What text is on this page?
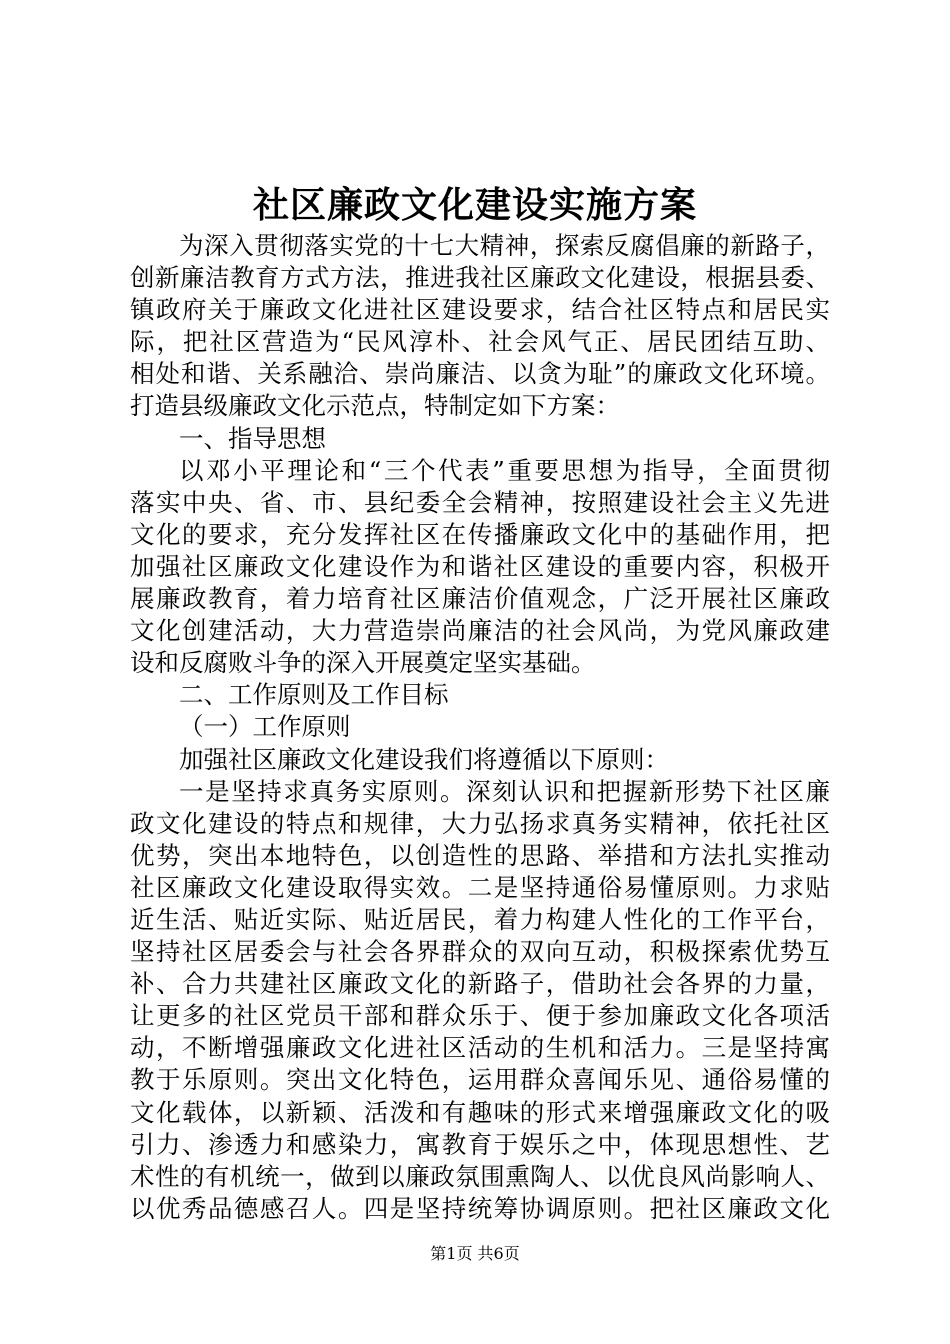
社区廉政文化建设实施方案
为深入贯彻落实党的十七大精神，探索反腐倡廉的新路子，
创新廉洁教育方式方法，推进我社区廉政文化建设，根据县委、
镇政府关于廉政文化进社区建设要求，结合社区特点和居民实
际，把社区营造为“民风淳朴、社会风气正、居民团结互助、
相处和谐、关系融洽、崇尚廉洁、以贪为耻”的廉政文化环境。
打造县级廉政文化示范点，特制定如下方案：
一、指导思想
以邓小平理论和“三个代表”重要思想为指导，全面贯彻
落实中央、省、市、县纪委全会精神，按照建设社会主义先进
文化的要求，充分发挥社区在传播廉政文化中的基础作用，把
加强社区廉政文化建设作为和谐社区建设的重要内容，积极开
展廉政教育，着力培育社区廉洁价值观念，广泛开展社区廉政
文化创建活动，大力营造崇尚廉洁的社会风尚，为党风廉政建
设和反腐败斗争的深入开展奠定坚实基础。
二、工作原则及工作目标
（一）工作原则
加强社区廉政文化建设我们将遵循以下原则：
一是坚持求真务实原则。深刻认识和把握新形势下社区廉
政文化建设的特点和规律，大力弘扬求真务实精神，依托社区
优势，突出本地特色，以创造性的思路、举措和方法扎实推动
社区廉政文化建设取得实效。二是坚持通俗易懂原则。力求贴
近生活、贴近实际、贴近居民，着力构建人性化的工作平台，
坚持社区居委会与社会各界群众的双向互动，积极探索优势互
补、合力共建社区廉政文化的新路子，借助社会各界的力量，
让更多的社区党员干部和群众乐于、便于参加廉政文化各项活
动，不断增强廉政文化进社区活动的生机和活力。三是坚持寓
教于乐原则。突出文化特色，运用群众喜闻乐见、通俗易懂的
文化载体，以新颖、活泼和有趣味的形式来增强廉政文化的吸
引力、渗透力和感染力，寓教育于娱乐之中，体现思想性、艺
术性的有机统一，做到以廉政氛围熏陶人、以优良风尚影响人、
以优秀品德感召人。四是坚持统筹协调原则。把社区廉政文化
第1页 共6页
